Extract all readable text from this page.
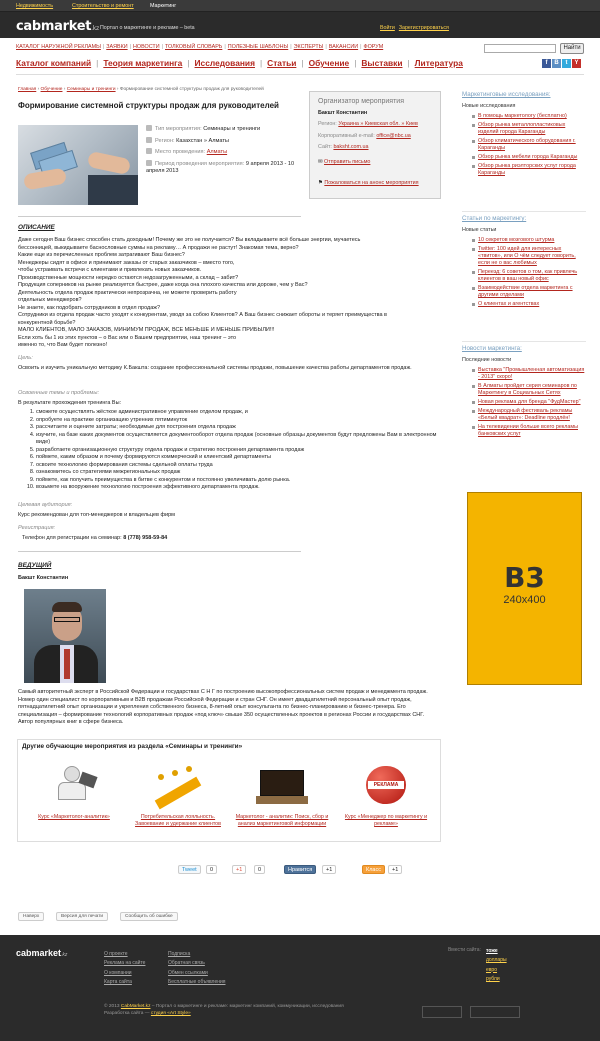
Недвижимость	Строительство и ремонт	Маркетинг
cabmarket.kz Портал о маркетинге и рекламе – beta	Войти Зарегистрироваться
КАТАЛОГ НАРУЖНОЙ РЕКЛАМЫ | ЗАЯВКИ | НОВОСТИ | ТОЛКОВЫЙ СЛОВАРЬ | ПОЛЕЗНЫЕ ШАБЛОНЫ | ЭКСПЕРТЫ | ВАКАНСИИ | ФОРУМ	Найти
Каталог компаний | Теория маркетинга | Исследования | Статьи | Обучение | Выставки | Литература	f B t Y
Главная › Обучение › Семинары и тренинги › Формирование системной структуры продаж для руководителей
Формирование системной структуры продаж для руководителей
Тип мероприятия: Семинары и тренинги
Регион: Казахстан » Алматы
Место проведения: Алматы
Период проведения мероприятия: 9 апреля 2013 - 10 апреля 2013
Организатор мероприятия
Бакшт Константин
Регион: Украина » Киевская обл. » Киев
Корпоративный e-mail: office@nbc.ua
Сайт: baksht.com.ua
✉ Отправить письмо
⚑ Пожаловаться на анонс мероприятия
ОПИСАНИЕ
Даже сегодня Ваш бизнес способен стать доходным! Почему же это не получается? Вы вкладываете всё больше энергии, мучаетесь
бессонницей, выкидываете баснословные суммы на рекламу… А продажи не растут! Знакомая тема, верно?
Какие еще из перечисленных проблем затрагивают Ваш бизнес?
Менеджеры сидят в офисе и принимают заказы от старых заказчиков – вместо того,
чтобы устраивать встречи с клиентами и привлекать новых заказчиков.
Производственные мощности нередко остаются недозагруженными, а склад – забит?
Продукция соперников на рынке реализуется быстрее, даже когда она плохого качества или дороже, чем у Вас?
Деятельность отдела продаж практически непрозрачна, не можете проверить работу
отдельных менеджеров?
Не знаете, как подобрать сотрудников в отдел продаж?
Сотрудники из отдела продаж часто уходят к конкурентам, уводя за собою Клиентов? А Ваш бизнес снижает обороты и теряет преимущества в
конкурентной борьбе?
МАЛО КЛИЕНТОВ, МАЛО ЗАКАЗОВ, МИНИМУМ ПРОДАЖ, ВСЕ МЕНЬШЕ И МЕНЬШЕ ПРИБЫЛИ!!!
Если хоть бы 1 из этих пунктов – о Вас или о Вашем предприятии, наш тренинг – это
именно то, что Вам будет полезно!
Цель:
Освоить и изучить уникальную методику К.Бакшта: создание профессиональной системы продажи, повышение качества работы департаментов продаж.
Освоенные темы и проблемы:
В результате прохождения тренинга Вы:
1. сможете осуществлять жёсткое административное управление отделом продаж, и
2. опробуете на практике организацию утренних пятиминуток
3. рассчитаете и оцените затраты; необходимые для построения отдела продаж
4. изучите, на базе каких документов осуществляется документооборот отдела продаж (основные образцы документов будут предложены Вам в электронном виде)
5. разработаете организационную структуру отдела продаж и стратегию построения департамента продаж
6. поймете, каким образом и почему формируются коммерческий и клиентский департаменты
7. освоите технологию формирования системы сдельной оплаты труда
8. ознакомитесь со стратегиями межрегиональных продаж
9. поймете, как получить преимущества в битве с конкурентом и постоянно увеличивать долю рынка.
10. возьмете на вооружение технологию построения эффективного департамента продаж.
Целевая аудитория:
Курс рекомендован для топ-менеджеров и владельцев фирм
Регистрация:
Телефон для регистрации на семинар: 8 (778) 958-59-84
ВЕДУЩИЙ
Бакшт Константин
Самый авторитетный эксперт в Российской Федерации и государствах С Н Г по построению высокопрофессиональных систем продаж и менеджмента продаж. Номер один специалист по корпоративным и B2B продажам Российской Федерации и стран СНГ. Он имеет двадцатилетний персональный опыт продаж, пятнадцатилетний опыт организации и укрепления собственного бизнеса, 8-летний опыт консультанта по бизнес-планированию и бизнес-тренера. Его специализация – формирование технологий корпоративных продаж «под ключ» свыше 350 осуществленных проектов в регионах России и государствах СНГ. Автор популярных книг в сфере бизнеса.
Другие обучающие мероприятия из раздела «Семинары и тренинги»
Курс «Маркетолог-аналитик»	Потребительская лояльность. Завоевание и удержание клиентов
Маркетолог - аналитик: Поиск, сбор и анализ маркетинговой информации
РЕКЛАМА
Курс «Менеджер по маркетингу и рекламе»
Tweet	0	+1	0	Нравится	+1	Класс	+1
Наверх	Версия для печати	Сообщить об ошибке
Маркетинговые исследования:
Новые исследования
В помощь маркетологу (бесплатно)
Обзор рынка металлопластиковых изделий города Караганды
Обзор климатического оборудования г. Караганды
Обзор рынка мебели города Караганды
Обзор рынка риэлторских услуг города Караганды
Статьи по маркетингу:
Новые статьи
10 секретов мозгового штурма
Twitter: 100 идей для интересных «твитов», или О чём следует говорить, если не о вас любимых
Переезд: 6 советов о том, как привлечь клиентов в ваш новый офис
Взаимодействие отдела маркетинга с другими отделами
О клиентах и агентствах
Новости маркетинга:
Последние новости
Выставка "Промышленная автоматизация - 2013" скоро!
В Алматы пройдет серия семинаров по Маркетингу в Социальных Сетях
Новая реклама для бренда "ФудМастер"
Международный фестиваль рекламы «Белый квадрат»: Deadline продлён!
На телевидении больше всего рекламы банковских услуг
B3
240x400
cabmarket.kz	О проекте
Реклама на сайте
О компании
Карта сайта
Подписка
Обратная связь
Обмен ссылками
Бесплатные объявления
Вмести сайта: тоже
доллары
евро
рубли
© 2013 CabMarket.kz – Портал о маркетинге и рекламе: маркетинг компаний, коммуникации, исследования
Разработка сайта — студия «Art Style»
